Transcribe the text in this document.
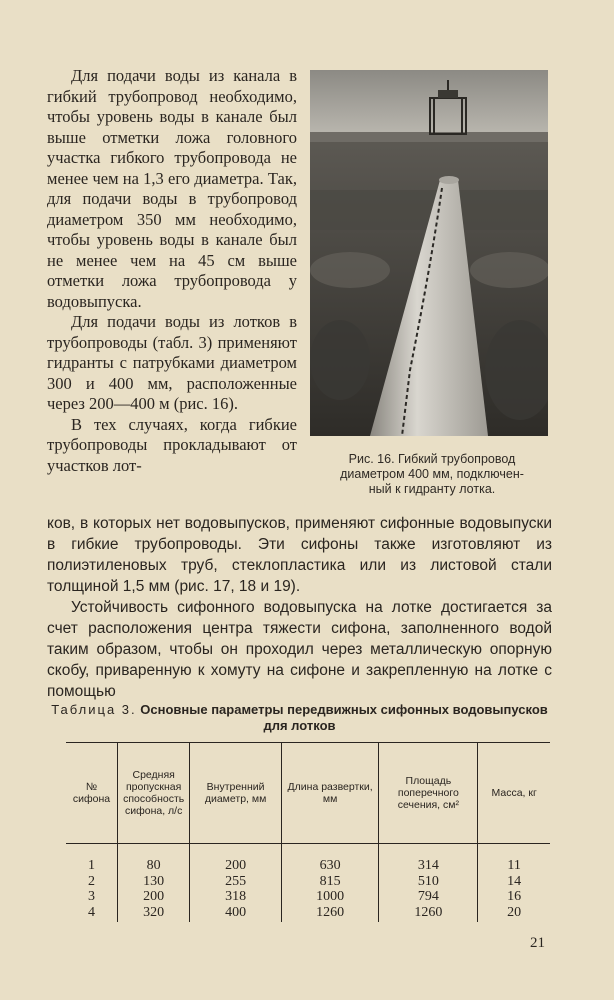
Для подачи воды из канала в гибкий трубопровод необходимо, чтобы уровень воды в канале был выше отметки ложа головного участка гибкого трубопровода не менее чем на 1,3 его диаметра. Так, для подачи воды в трубопровод диаметром 350 мм необходимо, чтобы уровень воды в канале был не менее чем на 45 см выше отметки ложа трубопровода у водовыпуска.

Для подачи воды из лотков в трубопроводы (табл. 3) применяют гидранты с патрубками диаметром 300 и 400 мм, расположенные через 200—400 м (рис. 16).

В тех случаях, когда гибкие трубопроводы прокладывают от участков лот-	Рис. 16. Гибкий трубопровод
диаметром 400 мм, подключен-
ный к гидранту лотка.

ков, в которых нет водовыпусков, применяют сифонные водовыпуски в гибкие трубопроводы. Эти сифоны также изготовляют из полиэтиленовых труб, стеклопластика или из листовой стали толщиной 1,5 мм (рис. 17, 18 и 19).

Устойчивость сифонного водовыпуска на лотке достигается за счет расположения центра тяжести сифона, заполненного водой таким образом, чтобы он проходил через металлическую опорную скобу, приваренную к хомуту на сифоне и закрепленную на лотке с помощью

Таблица 3. Основные параметры передвижных сифонных водовыпусков для лотков
№ сифона	Средняя пропускная способность сифона, л/с	Внутренний диаметр, мм	Длина развертки, мм	Площадь поперечного сечения, см²	Масса, кг
1	80	200	630	314	11
2	130	255	815	510	14
3	200	318	1000	794	16
4	320	400	1260	1260	20
21
